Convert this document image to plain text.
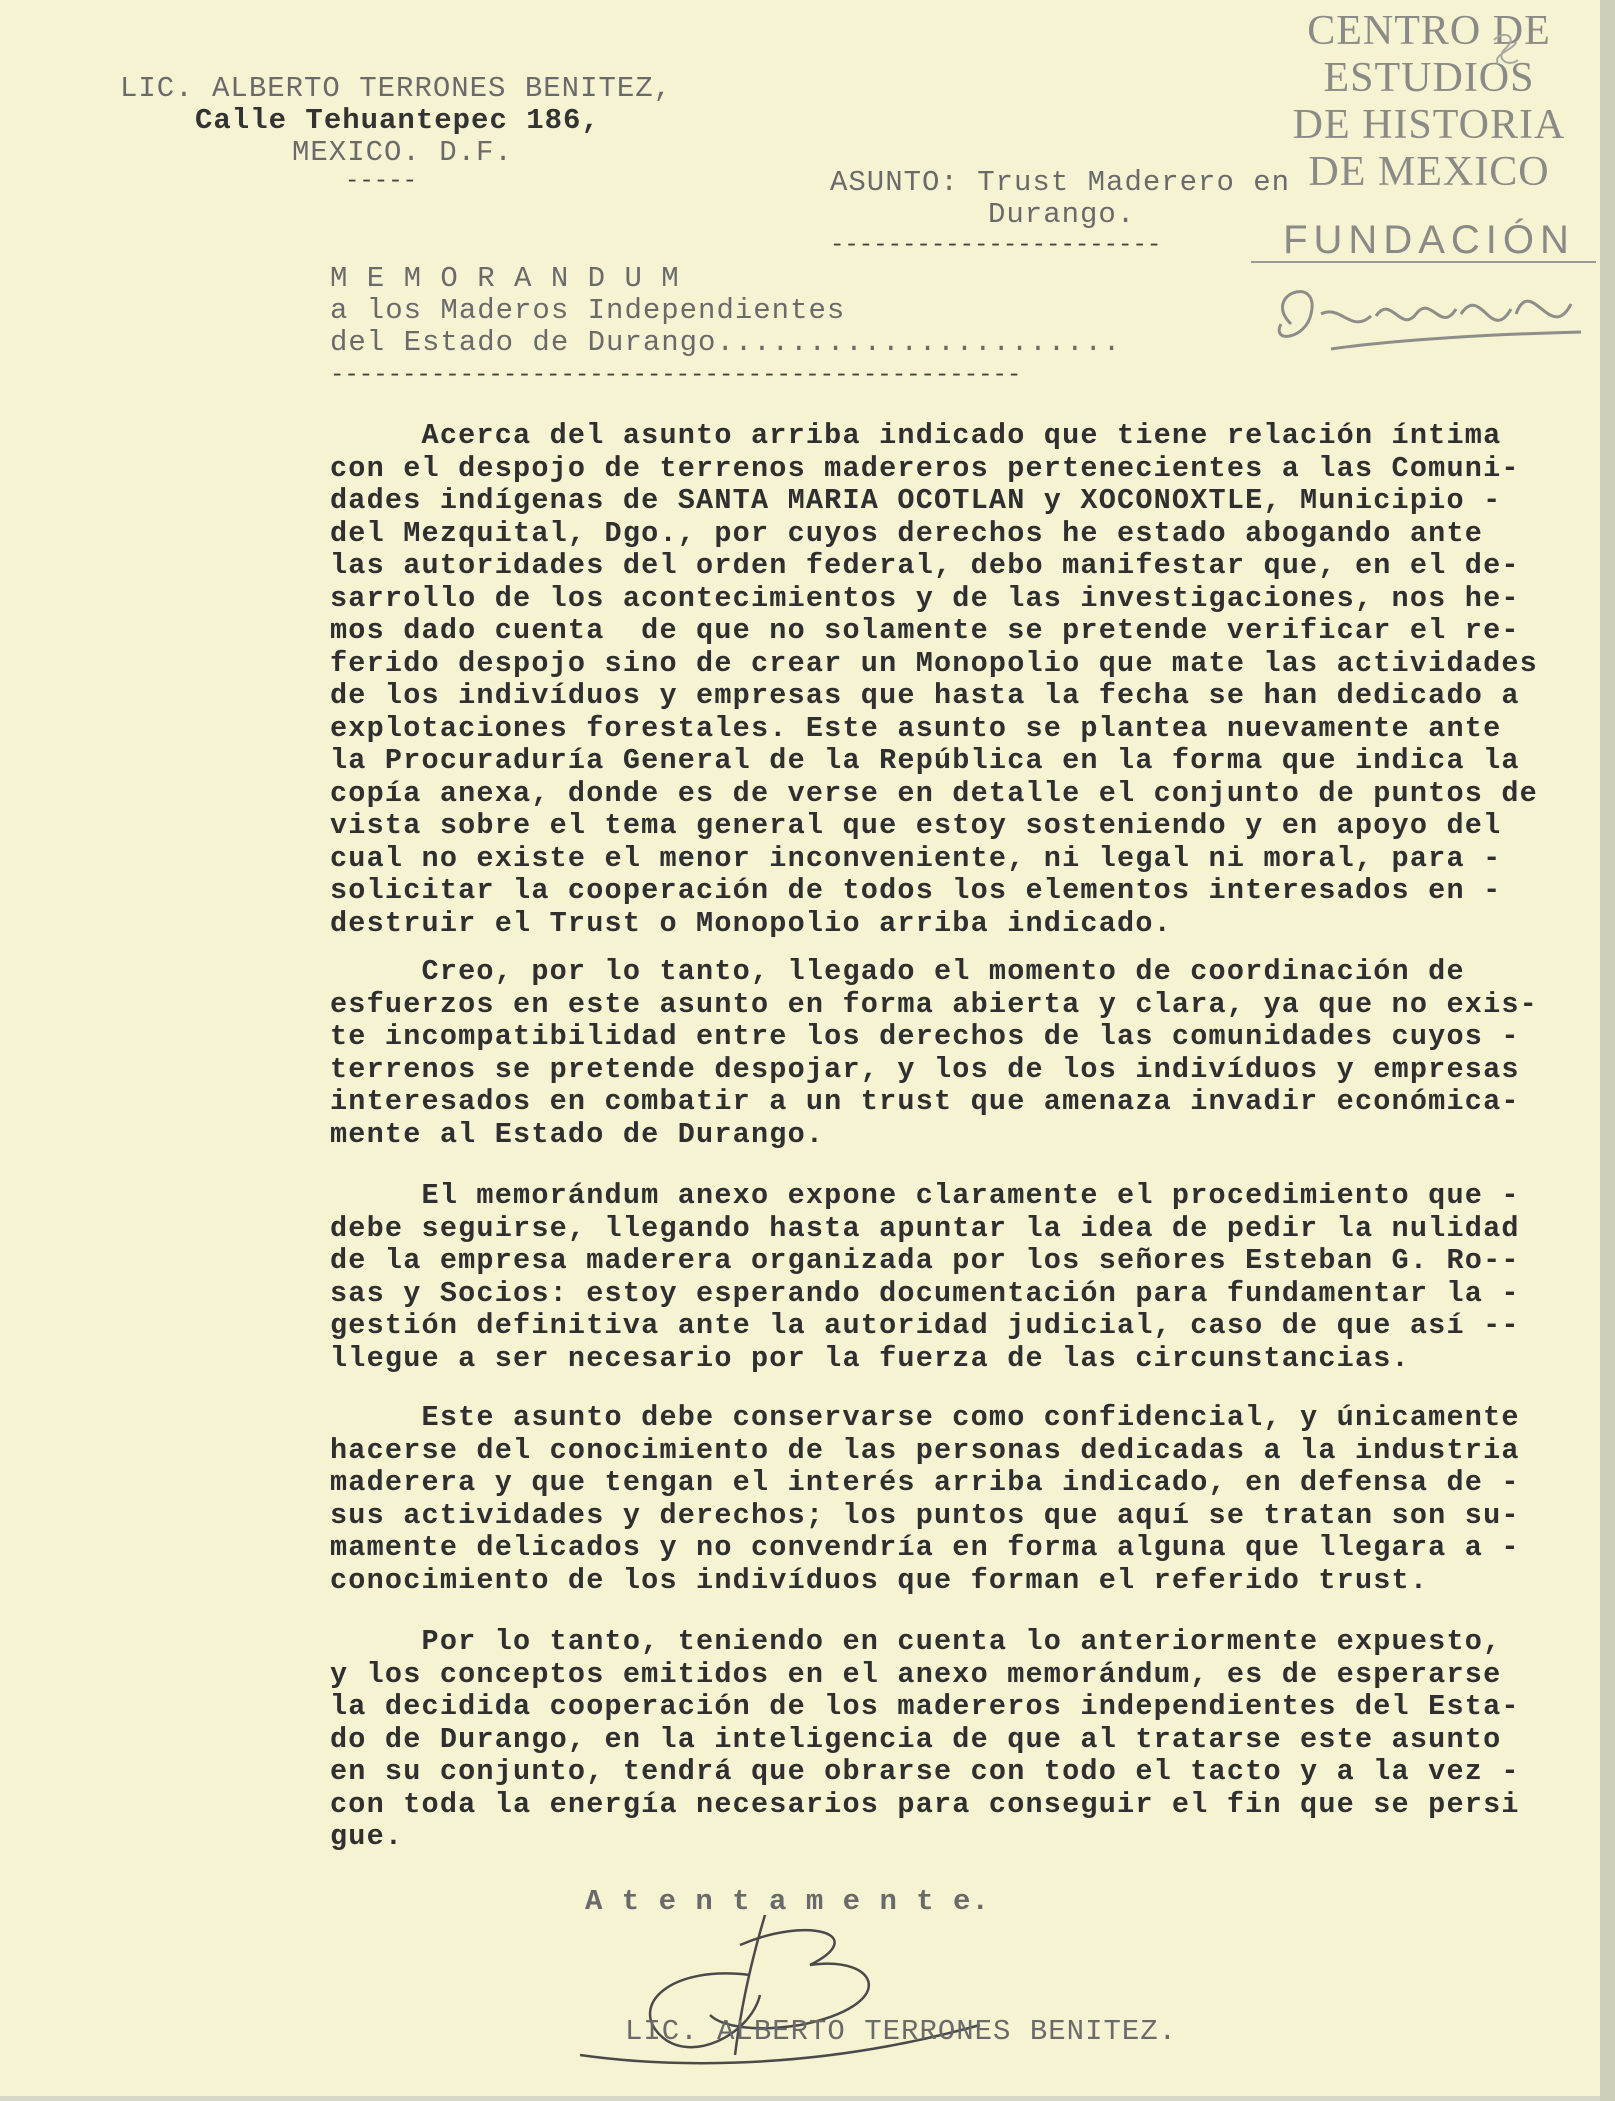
CENTRO DE
ESTUDIOS
DE HISTORIA
DE MEXICO
FUNDACIÓN
LIC. ALBERTO TERRONES BENITEZ,
Calle Tehuantepec 186,
MEXICO. D.F.
-----	ASUNTO: Trust Maderero en
Durango.
-----------------------
M E M O R A N D U M
a los Maderos Independientes
del Estado de Durango......................
------------------------------------------------
Acerca del asunto arriba indicado que tiene relación íntima
con el despojo de terrenos madereros pertenecientes a las Comuni-
dades indígenas de SANTA MARIA OCOTLAN y XOCONOXTLE, Municipio -
del Mezquital, Dgo., por cuyos derechos he estado abogando ante
las autoridades del orden federal, debo manifestar que, en el de-
sarrollo de los acontecimientos y de las investigaciones, nos he-
mos dado cuenta  de que no solamente se pretende verificar el re-
ferido despojo sino de crear un Monopolio que mate las actividades
de los indivíduos y empresas que hasta la fecha se han dedicado a
explotaciones forestales. Este asunto se plantea nuevamente ante
la Procuraduría General de la República en la forma que indica la
copía anexa, donde es de verse en detalle el conjunto de puntos de
vista sobre el tema general que estoy sosteniendo y en apoyo del
cual no existe el menor inconveniente, ni legal ni moral, para -
solicitar la cooperación de todos los elementos interesados en -
destruir el Trust o Monopolio arriba indicado.
Creo, por lo tanto, llegado el momento de coordinación de
esfuerzos en este asunto en forma abierta y clara, ya que no exis-
te incompatibilidad entre los derechos de las comunidades cuyos -
terrenos se pretende despojar, y los de los indivíduos y empresas
interesados en combatir a un trust que amenaza invadir económica-
mente al Estado de Durango.
El memorándum anexo expone claramente el procedimiento que -
debe seguirse, llegando hasta apuntar la idea de pedir la nulidad
de la empresa maderera organizada por los señores Esteban G. Ro--
sas y Socios: estoy esperando documentación para fundamentar la -
gestión definitiva ante la autoridad judicial, caso de que así --
llegue a ser necesario por la fuerza de las circunstancias.
Este asunto debe conservarse como confidencial, y únicamente
hacerse del conocimiento de las personas dedicadas a la industria
maderera y que tengan el interés arriba indicado, en defensa de -
sus actividades y derechos; los puntos que aquí se tratan son su-
mamente delicados y no convendría en forma alguna que llegara a -
conocimiento de los indivíduos que forman el referido trust.
Por lo tanto, teniendo en cuenta lo anteriormente expuesto,
y los conceptos emitidos en el anexo memorándum, es de esperarse
la decidida cooperación de los madereros independientes del Esta-
do de Durango, en la inteligencia de que al tratarse este asunto
en su conjunto, tendrá que obrarse con todo el tacto y a la vez -
con toda la energía necesarios para conseguir el fin que se persi
gue.
A t e n t a m e n t e.
LIC. ALBERTO TERRONES BENITEZ.
